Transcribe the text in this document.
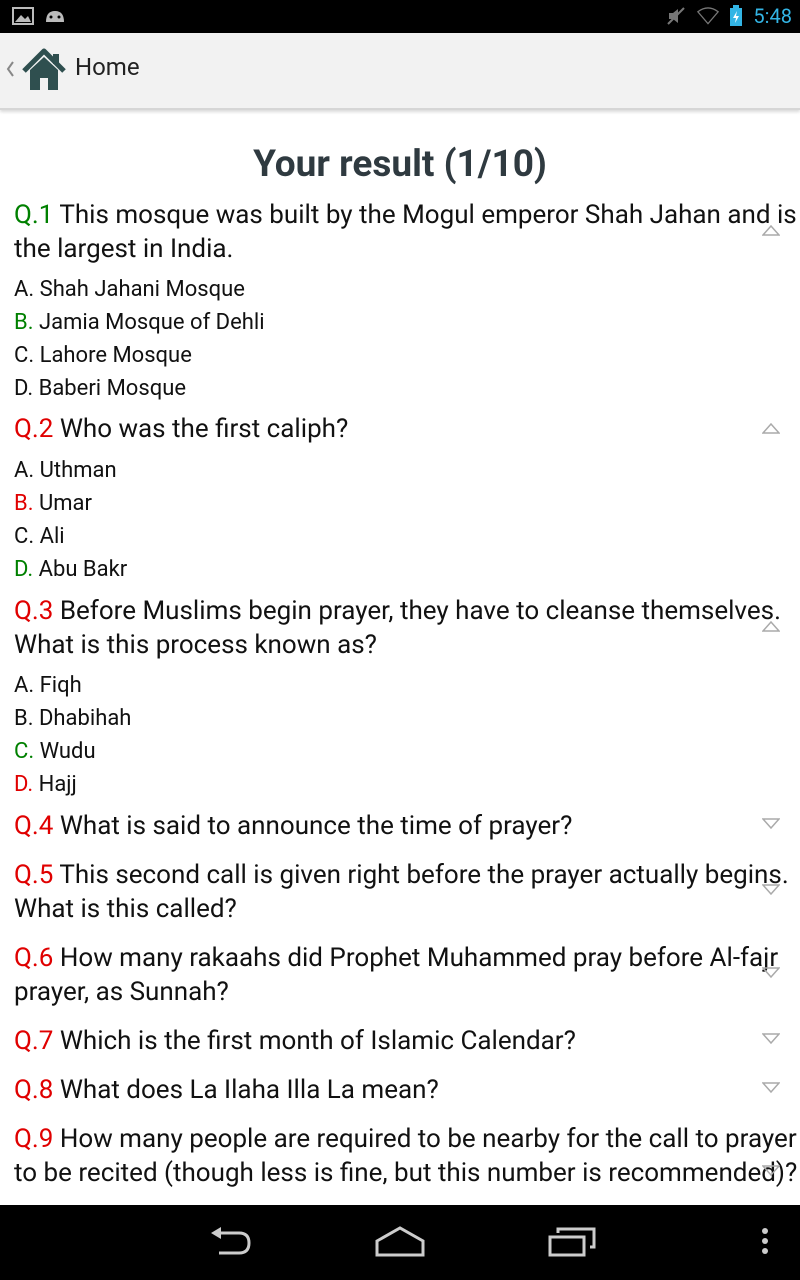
5:48
Home
Your result (1/10)
Q.1 This mosque was built by the Mogul emperor Shah Jahan and is the largest in India.
A. Shah Jahani Mosque
B. Jamia Mosque of Dehli
C. Lahore Mosque
D. Baberi Mosque
Q.2 Who was the first caliph?
A. Uthman
B. Umar
C. Ali
D. Abu Bakr
Q.3 Before Muslims begin prayer, they have to cleanse themselves. What is this process known as?
A. Fiqh
B. Dhabihah
C. Wudu
D. Hajj
Q.4 What is said to announce the time of prayer?
Q.5 This second call is given right before the prayer actually begins. What is this called?
Q.6 How many rakaahs did Prophet Muhammed pray before Al-fajr prayer, as Sunnah?
Q.7 Which is the first month of Islamic Calendar?
Q.8 What does La Ilaha Illa La mean?
Q.9 How many people are required to be nearby for the call to prayer to be recited (though less is fine, but this number is recommended)?
